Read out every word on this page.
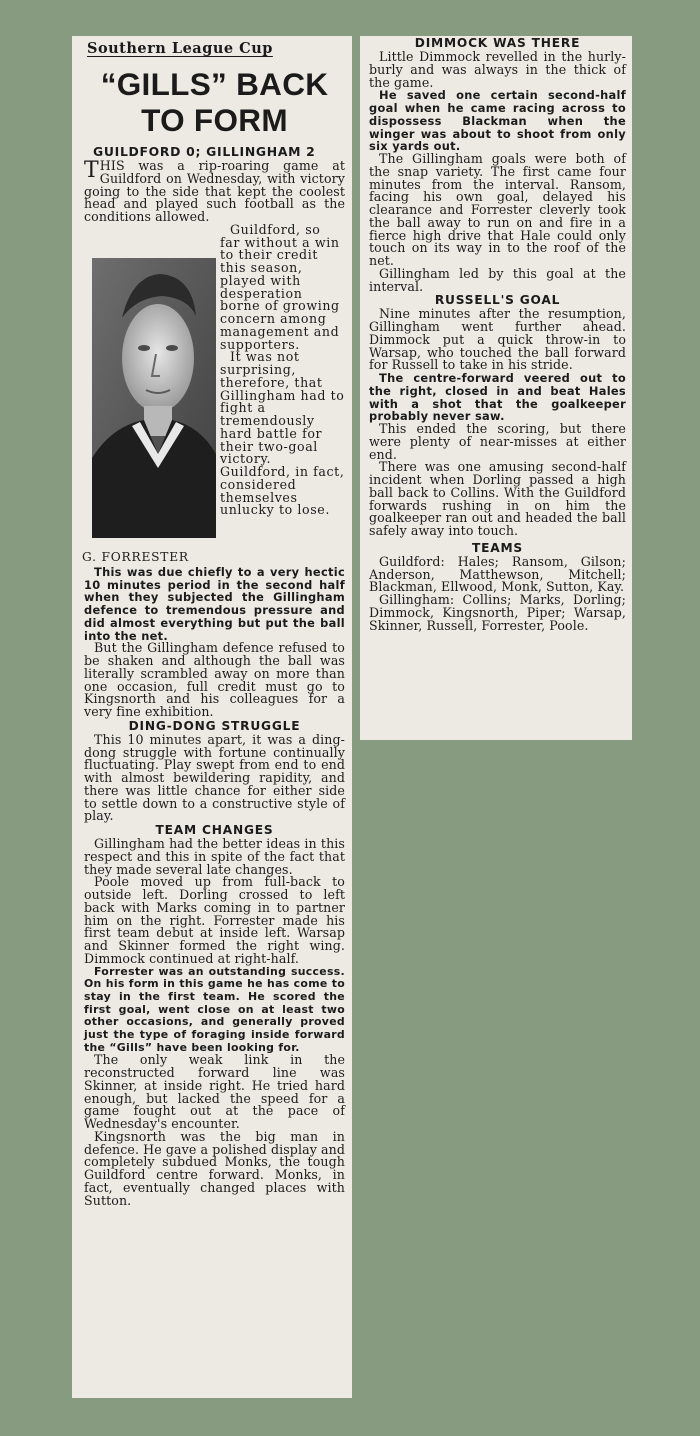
Southern League Cup
“GILLS” BACK
TO FORM
GUILDFORD 0; GILLINGHAM 2

THIS was a rip-roaring game at Guildford on Wednesday, with victory going to the side that kept the coolest head and played such football as the conditions allowed.

G. FORRESTER

Guildford, so far without a win to their credit this season, played with desperation borne of growing concern among management and supporters.

It was not surprising, therefore, that Gillingham had to fight a tremendously hard battle for their two-goal victory. Guildford, in fact, considered themselves unlucky to lose.

This was due chiefly to a very hectic 10 minutes period in the second half when they subjected the Gillingham defence to tremendous pressure and did almost everything but put the ball into the net.

But the Gillingham defence refused to be shaken and although the ball was literally scrambled away on more than one occasion, full credit must go to Kingsnorth and his colleagues for a very fine exhibition.

DING-DONG STRUGGLE

This 10 minutes apart, it was a ding-dong struggle with fortune continually fluctuating. Play swept from end to end with almost bewildering rapidity, and there was little chance for either side to settle down to a constructive style of play.

TEAM CHANGES

Gillingham had the better ideas in this respect and this in spite of the fact that they made several late changes.

Poole moved up from full-back to outside left. Dorling crossed to left back with Marks coming in to partner him on the right. Forrester made his first team debut at inside left. Warsap and Skinner formed the right wing. Dimmock continued at right-half.

Forrester was an outstanding success. On his form in this game he has come to stay in the first team. He scored the first goal, went close on at least two other occasions, and generally proved just the type of foraging inside forward the “Gills” have been looking for.

The only weak link in the reconstructed forward line was Skinner, at inside right. He tried hard enough, but lacked the speed for a game fought out at the pace of Wednesday's encounter.

Kingsnorth was the big man in defence. He gave a polished display and completely subdued Monks, the tough Guildford centre forward. Monks, in fact, eventually changed places with Sutton.

DIMMOCK WAS THERE

Little Dimmock revelled in the hurly-burly and was always in the thick of the game.

He saved one certain second-half goal when he came racing across to dispossess Blackman when the winger was about to shoot from only six yards out.

The Gillingham goals were both of the snap variety. The first came four minutes from the interval. Ransom, facing his own goal, delayed his clearance and Forrester cleverly took the ball away to run on and fire in a fierce high drive that Hale could only touch on its way in to the roof of the net.

Gillingham led by this goal at the interval.

RUSSELL'S GOAL

Nine minutes after the resumption, Gillingham went further ahead. Dimmock put a quick throw-in to Warsap, who touched the ball forward for Russell to take in his stride.

The centre-forward veered out to the right, closed in and beat Hales with a shot that the goalkeeper probably never saw.

This ended the scoring, but there were plenty of near-misses at either end.

There was one amusing second-half incident when Dorling passed a high ball back to Collins. With the Guildford forwards rushing in on him the goalkeeper ran out and headed the ball safely away into touch.

TEAMS

Guildford: Hales; Ransom, Gilson; Anderson, Matthewson, Mitchell; Blackman, Ellwood, Monk, Sutton, Kay.

Gillingham: Collins; Marks, Dorling; Dimmock, Kingsnorth, Piper; Warsap, Skinner, Russell, Forrester, Poole.
